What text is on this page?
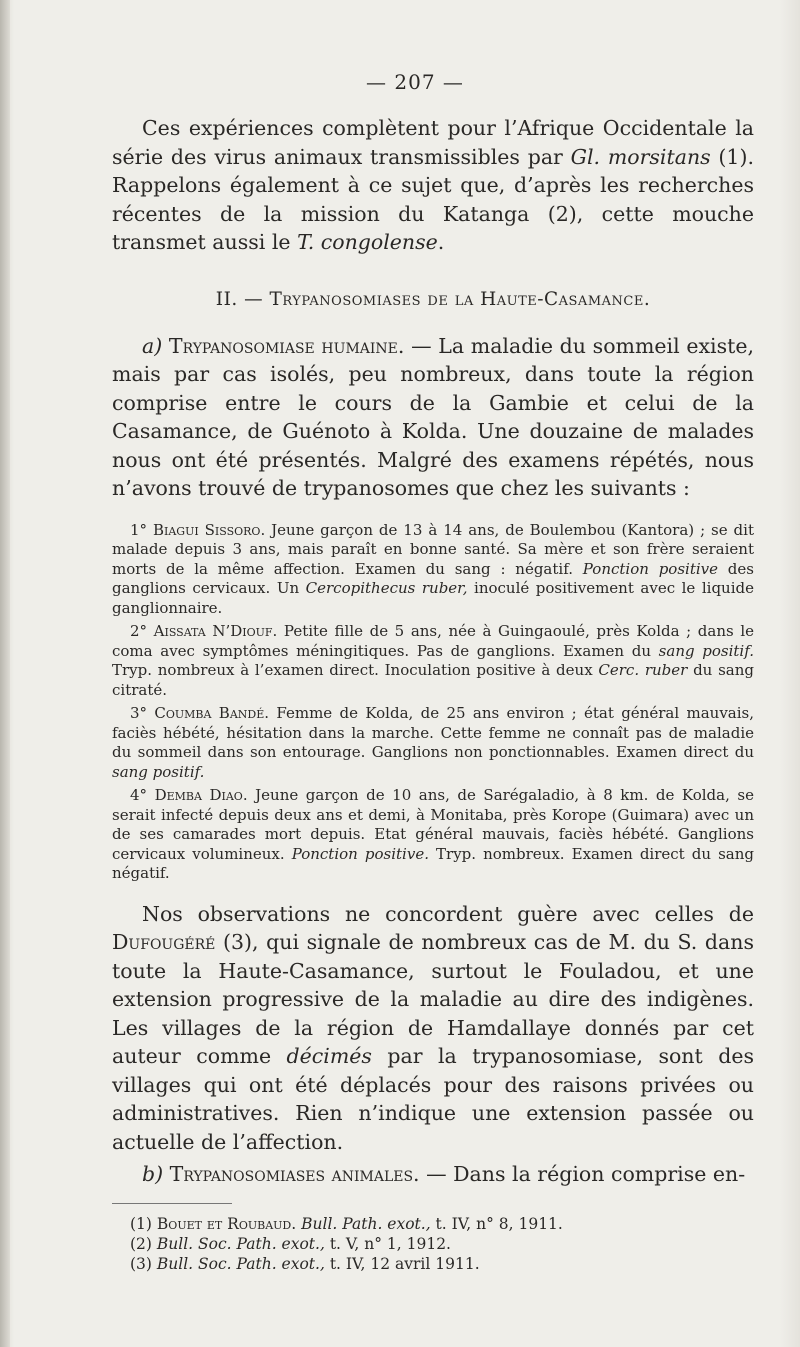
— 207 —

Ces expériences complètent pour l’Afrique Occidentale la série des virus animaux transmissibles par Gl. morsitans (1). Rappelons également à ce sujet que, d’après les recherches récentes de la mission du Katanga (2), cette mouche transmet aussi le T. congolense.

II. — Trypanosomiases de la Haute-Casamance.

a) Trypanosomiase humaine. — La maladie du sommeil existe, mais par cas isolés, peu nombreux, dans toute la région comprise entre le cours de la Gambie et celui de la Casamance, de Guénoto à Kolda. Une douzaine de malades nous ont été présentés. Malgré des examens répétés, nous n’avons trouvé de trypanosomes que chez les suivants :

1° Biagui Sissoro. Jeune garçon de 13 à 14 ans, de Boulembou (Kantora) ; se dit malade depuis 3 ans, mais paraît en bonne santé. Sa mère et son frère seraient morts de la même affection. Examen du sang : négatif. Ponction positive des ganglions cervicaux. Un Cercopithecus ruber, inoculé positivement avec le liquide ganglionnaire.

2° Aissata N’Diouf. Petite fille de 5 ans, née à Guingaoulé, près Kolda ; dans le coma avec symptômes méningitiques. Pas de ganglions. Examen du sang positif. Tryp. nombreux à l’examen direct. Inoculation positive à deux Cerc. ruber du sang citraté.

3° Coumba Bandé. Femme de Kolda, de 25 ans environ ; état général mauvais, faciès hébété, hésitation dans la marche. Cette femme ne connaît pas de maladie du sommeil dans son entourage. Ganglions non ponctionnables. Examen direct du sang positif.

4° Demba Diao. Jeune garçon de 10 ans, de Sarégaladio, à 8 km. de Kolda, se serait infecté depuis deux ans et demi, à Monitaba, près Korope (Guimara) avec un de ses camarades mort depuis. Etat général mauvais, faciès hébété. Ganglions cervicaux volumineux. Ponction positive. Tryp. nombreux. Examen direct du sang négatif.

Nos observations ne concordent guère avec celles de Dufougéré (3), qui signale de nombreux cas de M. du S. dans toute la Haute-Casamance, surtout le Fouladou, et une extension progressive de la maladie au dire des indigènes. Les villages de la région de Hamdallaye donnés par cet auteur comme décimés par la trypanosomiase, sont des villages qui ont été déplacés pour des raisons privées ou administratives. Rien n’indique une extension passée ou actuelle de l’affection.

b) Trypanosomiases animales. — Dans la région comprise en-

(1) Bouet et Roubaud. Bull. Path. exot., t. IV, n° 8, 1911.

(2) Bull. Soc. Path. exot., t. V, n° 1, 1912.

(3) Bull. Soc. Path. exot., t. IV, 12 avril 1911.
